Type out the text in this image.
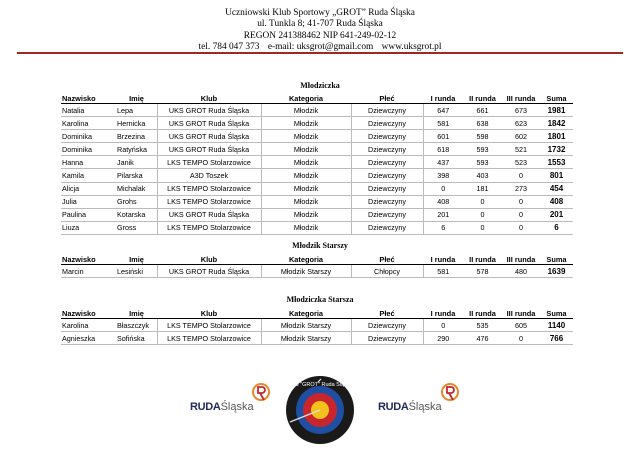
Uczniowski Klub Sportowy „GROT” Ruda Śląska
ul. Tunkla 8; 41-707 Ruda Śląska
REGON 241388462 NIP 641-249-02-12
tel. 784 047 373 e-mail: uksgrot@gmail.com www.uksgrot.pl
Młodziczka
Nazwisko	Imię	Klub	Kategoria	Płeć	I runda	II runda	III runda	Suma
Natalia	Lepa	UKS GROT Ruda Śląska	Młodzik	Dziewczyny	647	661	673	1981
Karolina	Hernicka	UKS GROT Ruda Śląska	Młodzik	Dziewczyny	581	638	623	1842
Dominika	Brzezina	UKS GROT Ruda Śląska	Młodzik	Dziewczyny	601	598	602	1801
Dominika	Ratyńska	UKS GROT Ruda Śląska	Młodzik	Dziewczyny	618	593	521	1732
Hanna	Janik	LKS TEMPO Stolarzowice	Młodzik	Dziewczyny	437	593	523	1553
Kamila	Pilarska	A3D Toszek	Młodzik	Dziewczyny	398	403	0	801
Alicja	Michalak	LKS TEMPO Stolarzowice	Młodzik	Dziewczyny	0	181	273	454
Julia	Grohs	LKS TEMPO Stolarzowice	Młodzik	Dziewczyny	408	0	0	408
Paulina	Kotarska	UKS GROT Ruda Śląska	Młodzik	Dziewczyny	201	0	0	201
Liuza	Gross	LKS TEMPO Stolarzowice	Młodzik	Dziewczyny	6	0	0	6
Młodzik Starszy
Nazwisko	Imię	Klub	Kategoria	Płeć	I runda	II runda	III runda	Suma
Marcin	Lesiński	UKS GROT Ruda Śląska	Młodzik Starszy	Chłopcy	581	578	480	1639
Młodziczka Starsza
Nazwisko	Imię	Klub	Kategoria	Płeć	I runda	II runda	III runda	Suma
Karolina	Błaszczyk	LKS TEMPO Stolarzowice	Młodzik Starszy	Dziewczyny	0	535	605	1140
Agnieszka	Sofińska	LKS TEMPO Stolarzowice	Młodzik Starszy	Dziewczyny	290	476	0	766
RUDAŚląska
UKS "GROT" Ruda Śląska
RUDAŚląska
